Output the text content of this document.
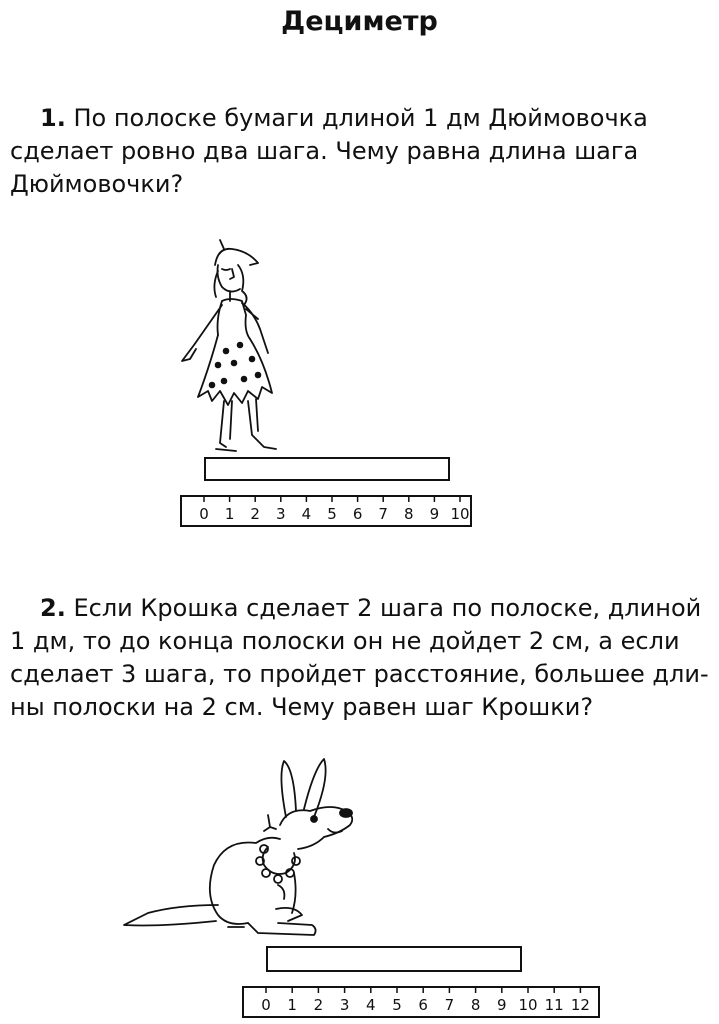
Дециметр
1. По полоске бумаги длиной 1 дм Дюймовочка
сделает ровно два шага. Чему равна длина шага
Дюймовочки?
0 1 2 3 4 5 6 7 8 9 10
2. Если Крошка сделает 2 шага по полоске, длиной
1 дм, то до конца полоски он не дойдет 2 см, а если
сделает 3 шага, то пройдет расстояние, большее дли-
ны полоски на 2 см. Чему равен шаг Крошки?
0 1 2 3 4 5 6 7 8 9 10 11 12
